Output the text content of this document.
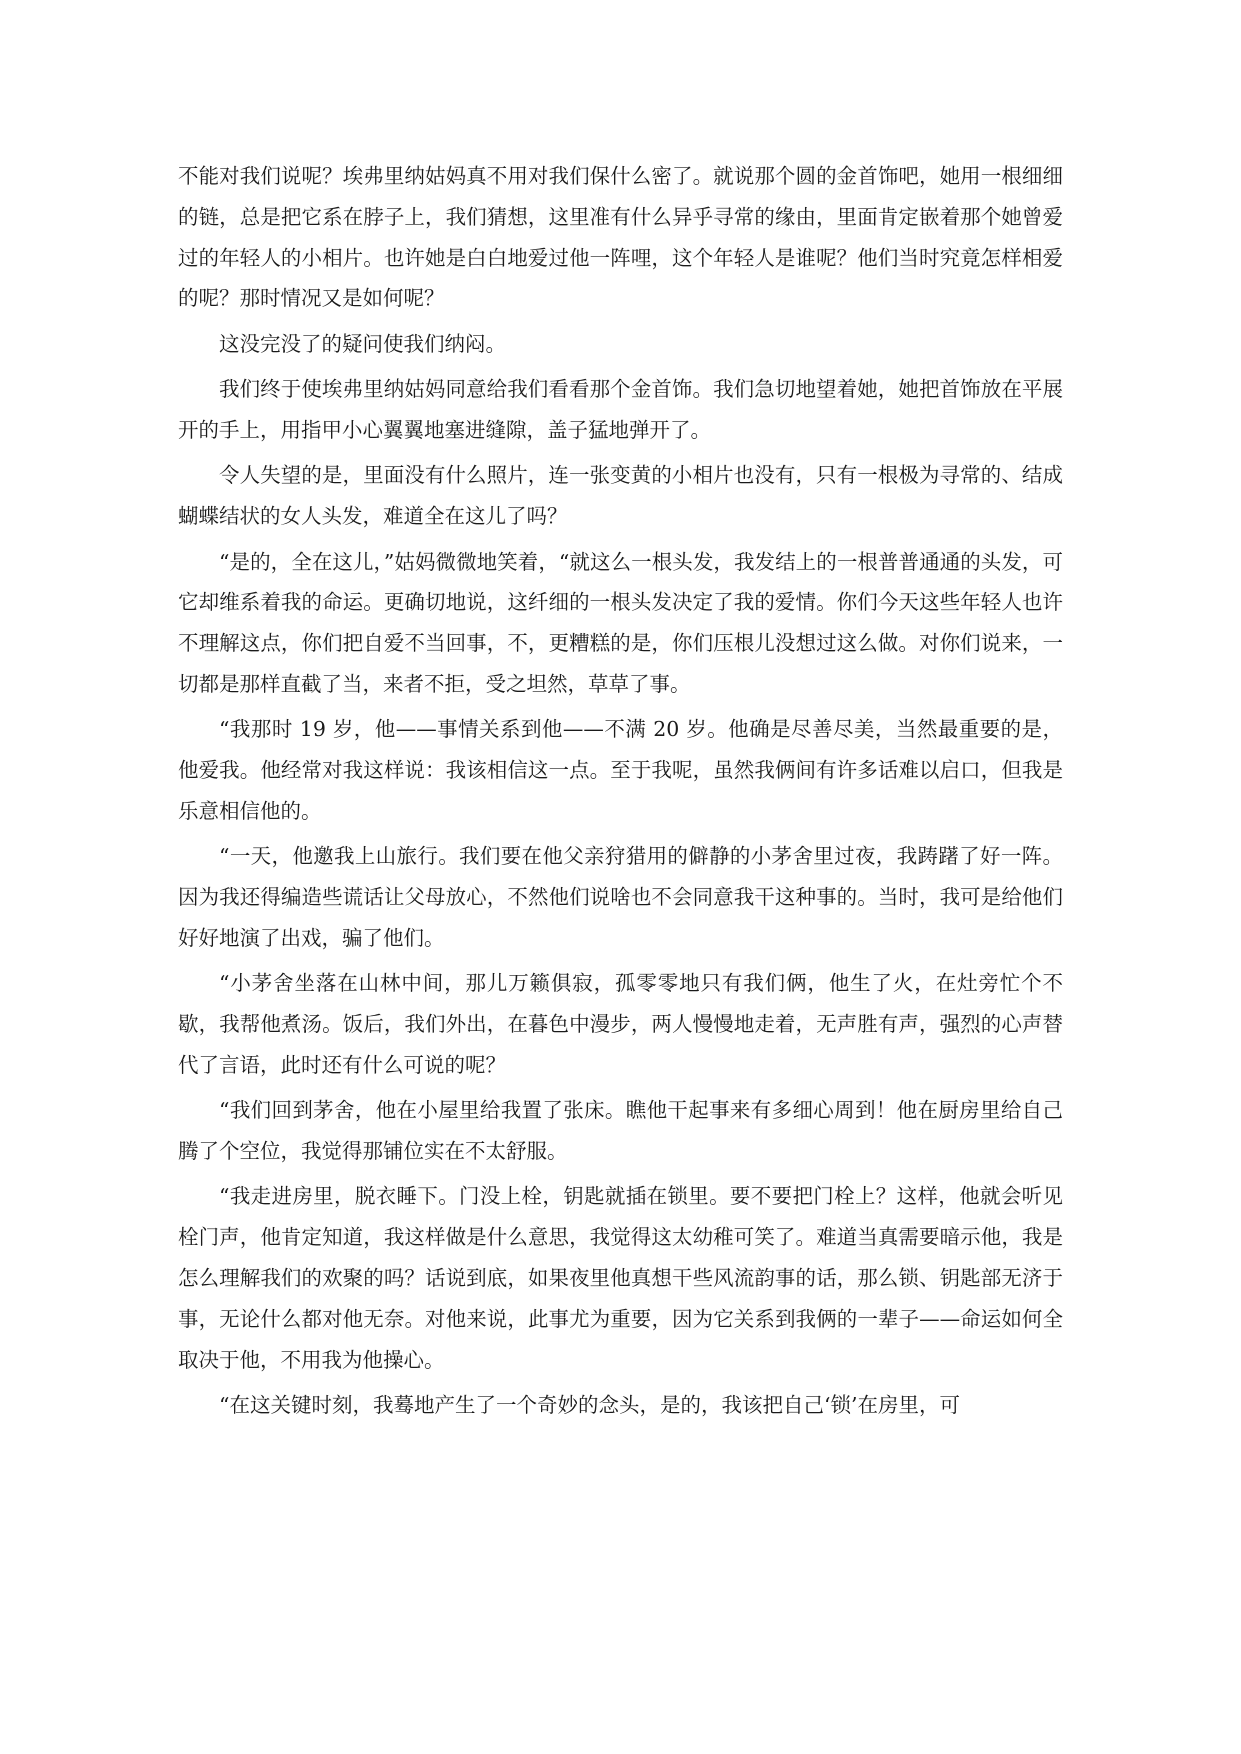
不能对我们说呢？埃弗里纳姑妈真不用对我们保什么密了。就说那个圆的金首饰吧，她用一根细细的链，总是把它系在脖子上，我们猜想，这里准有什么异乎寻常的缘由，里面肯定嵌着那个她曾爱过的年轻人的小相片。也许她是白白地爱过他一阵哩，这个年轻人是谁呢？他们当时究竟怎样相爱的呢？那时情况又是如何呢？

这没完没了的疑问使我们纳闷。

我们终于使埃弗里纳姑妈同意给我们看看那个金首饰。我们急切地望着她，她把首饰放在平展开的手上，用指甲小心翼翼地塞进缝隙，盖子猛地弹开了。

令人失望的是，里面没有什么照片，连一张变黄的小相片也没有，只有一根极为寻常的、结成蝴蝶结状的女人头发，难道全在这儿了吗？

“是的，全在这儿，”姑妈微微地笑着，“就这么一根头发，我发结上的一根普普通通的头发，可它却维系着我的命运。更确切地说，这纤细的一根头发决定了我的爱情。你们今天这些年轻人也许不理解这点，你们把自爱不当回事，不，更糟糕的是，你们压根儿没想过这么做。对你们说来，一切都是那样直截了当，来者不拒，受之坦然，草草了事。

“我那时 19 岁，他——事情关系到他——不满 20 岁。他确是尽善尽美，当然最重要的是，他爱我。他经常对我这样说：我该相信这一点。至于我呢，虽然我俩间有许多话难以启口，但我是乐意相信他的。

“一天，他邀我上山旅行。我们要在他父亲狩猎用的僻静的小茅舍里过夜，我踌躇了好一阵。因为我还得编造些谎话让父母放心，不然他们说啥也不会同意我干这种事的。当时，我可是给他们好好地演了出戏，骗了他们。

“小茅舍坐落在山林中间，那儿万籁俱寂，孤零零地只有我们俩，他生了火，在灶旁忙个不歇，我帮他煮汤。饭后，我们外出，在暮色中漫步，两人慢慢地走着，无声胜有声，强烈的心声替代了言语，此时还有什么可说的呢？

“我们回到茅舍，他在小屋里给我置了张床。瞧他干起事来有多细心周到！他在厨房里给自己腾了个空位，我觉得那铺位实在不太舒服。

“我走进房里，脱衣睡下。门没上栓，钥匙就插在锁里。要不要把门栓上？这样，他就会听见栓门声，他肯定知道，我这样做是什么意思，我觉得这太幼稚可笑了。难道当真需要暗示他，我是怎么理解我们的欢聚的吗？话说到底，如果夜里他真想干些风流韵事的话，那么锁、钥匙部无济于事，无论什么都对他无奈。对他来说，此事尤为重要，因为它关系到我俩的一辈子——命运如何全取决于他，不用我为他操心。

“在这关键时刻，我蓦地产生了一个奇妙的念头，是的，我该把自己‘锁’在房里，可
